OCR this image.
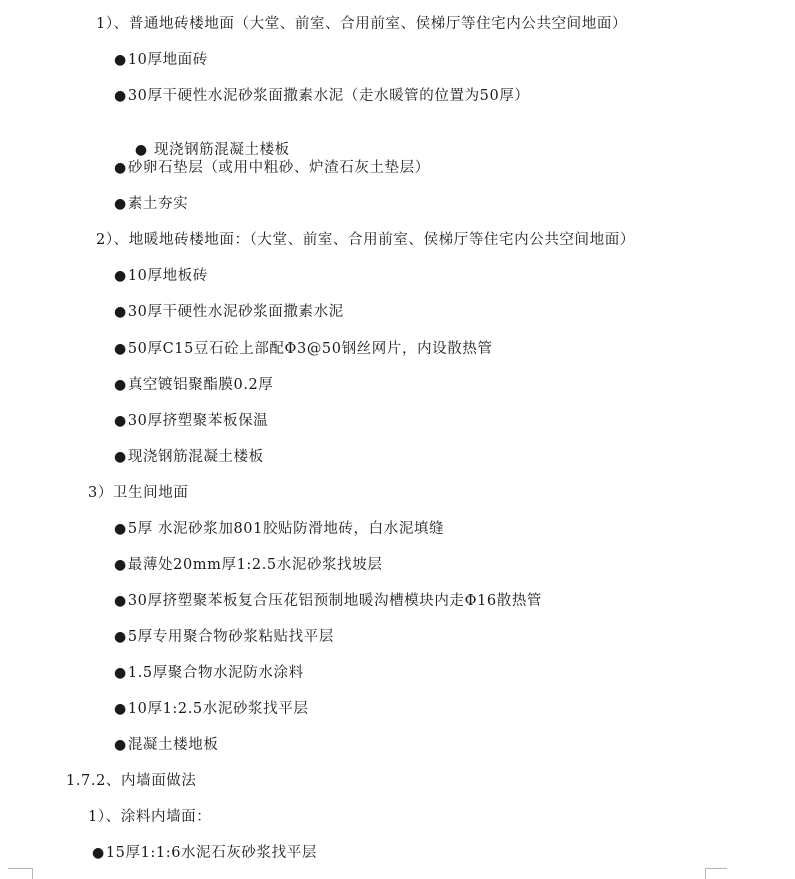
1）、普通地砖楼地面（大堂、前室、合用前室、侯梯厅等住宅内公共空间地面）
●10厚地面砖
●30厚干硬性水泥砂浆面撒素水泥（走水暖管的位置为50厚）

● 现浇钢筋混凝土楼板

●砂卵石垫层（或用中粗砂、炉渣石灰土垫层）
●素土夯实
2）、地暖地砖楼地面：（大堂、前室、合用前室、侯梯厅等住宅内公共空间地面）
●10厚地板砖
●30厚干硬性水泥砂浆面撒素水泥
●50厚C15豆石砼上部配Φ3@50钢丝网片，内设散热管
●真空镀铝聚酯膜0.2厚
●30厚挤塑聚苯板保温
●现浇钢筋混凝土楼板
3）卫生间地面
●5厚 水泥砂浆加801胶贴防滑地砖，白水泥填缝
●最薄处20mm厚1:2.5水泥砂浆找坡层
●30厚挤塑聚苯板复合压花铝预制地暖沟槽模块内走Φ16散热管
●5厚专用聚合物砂浆粘贴找平层
●1.5厚聚合物水泥防水涂料
●10厚1:2.5水泥砂浆找平层
●混凝土楼地板
1.7.2、内墙面做法
1）、涂料内墙面：
●15厚1:1:6水泥石灰砂浆找平层
